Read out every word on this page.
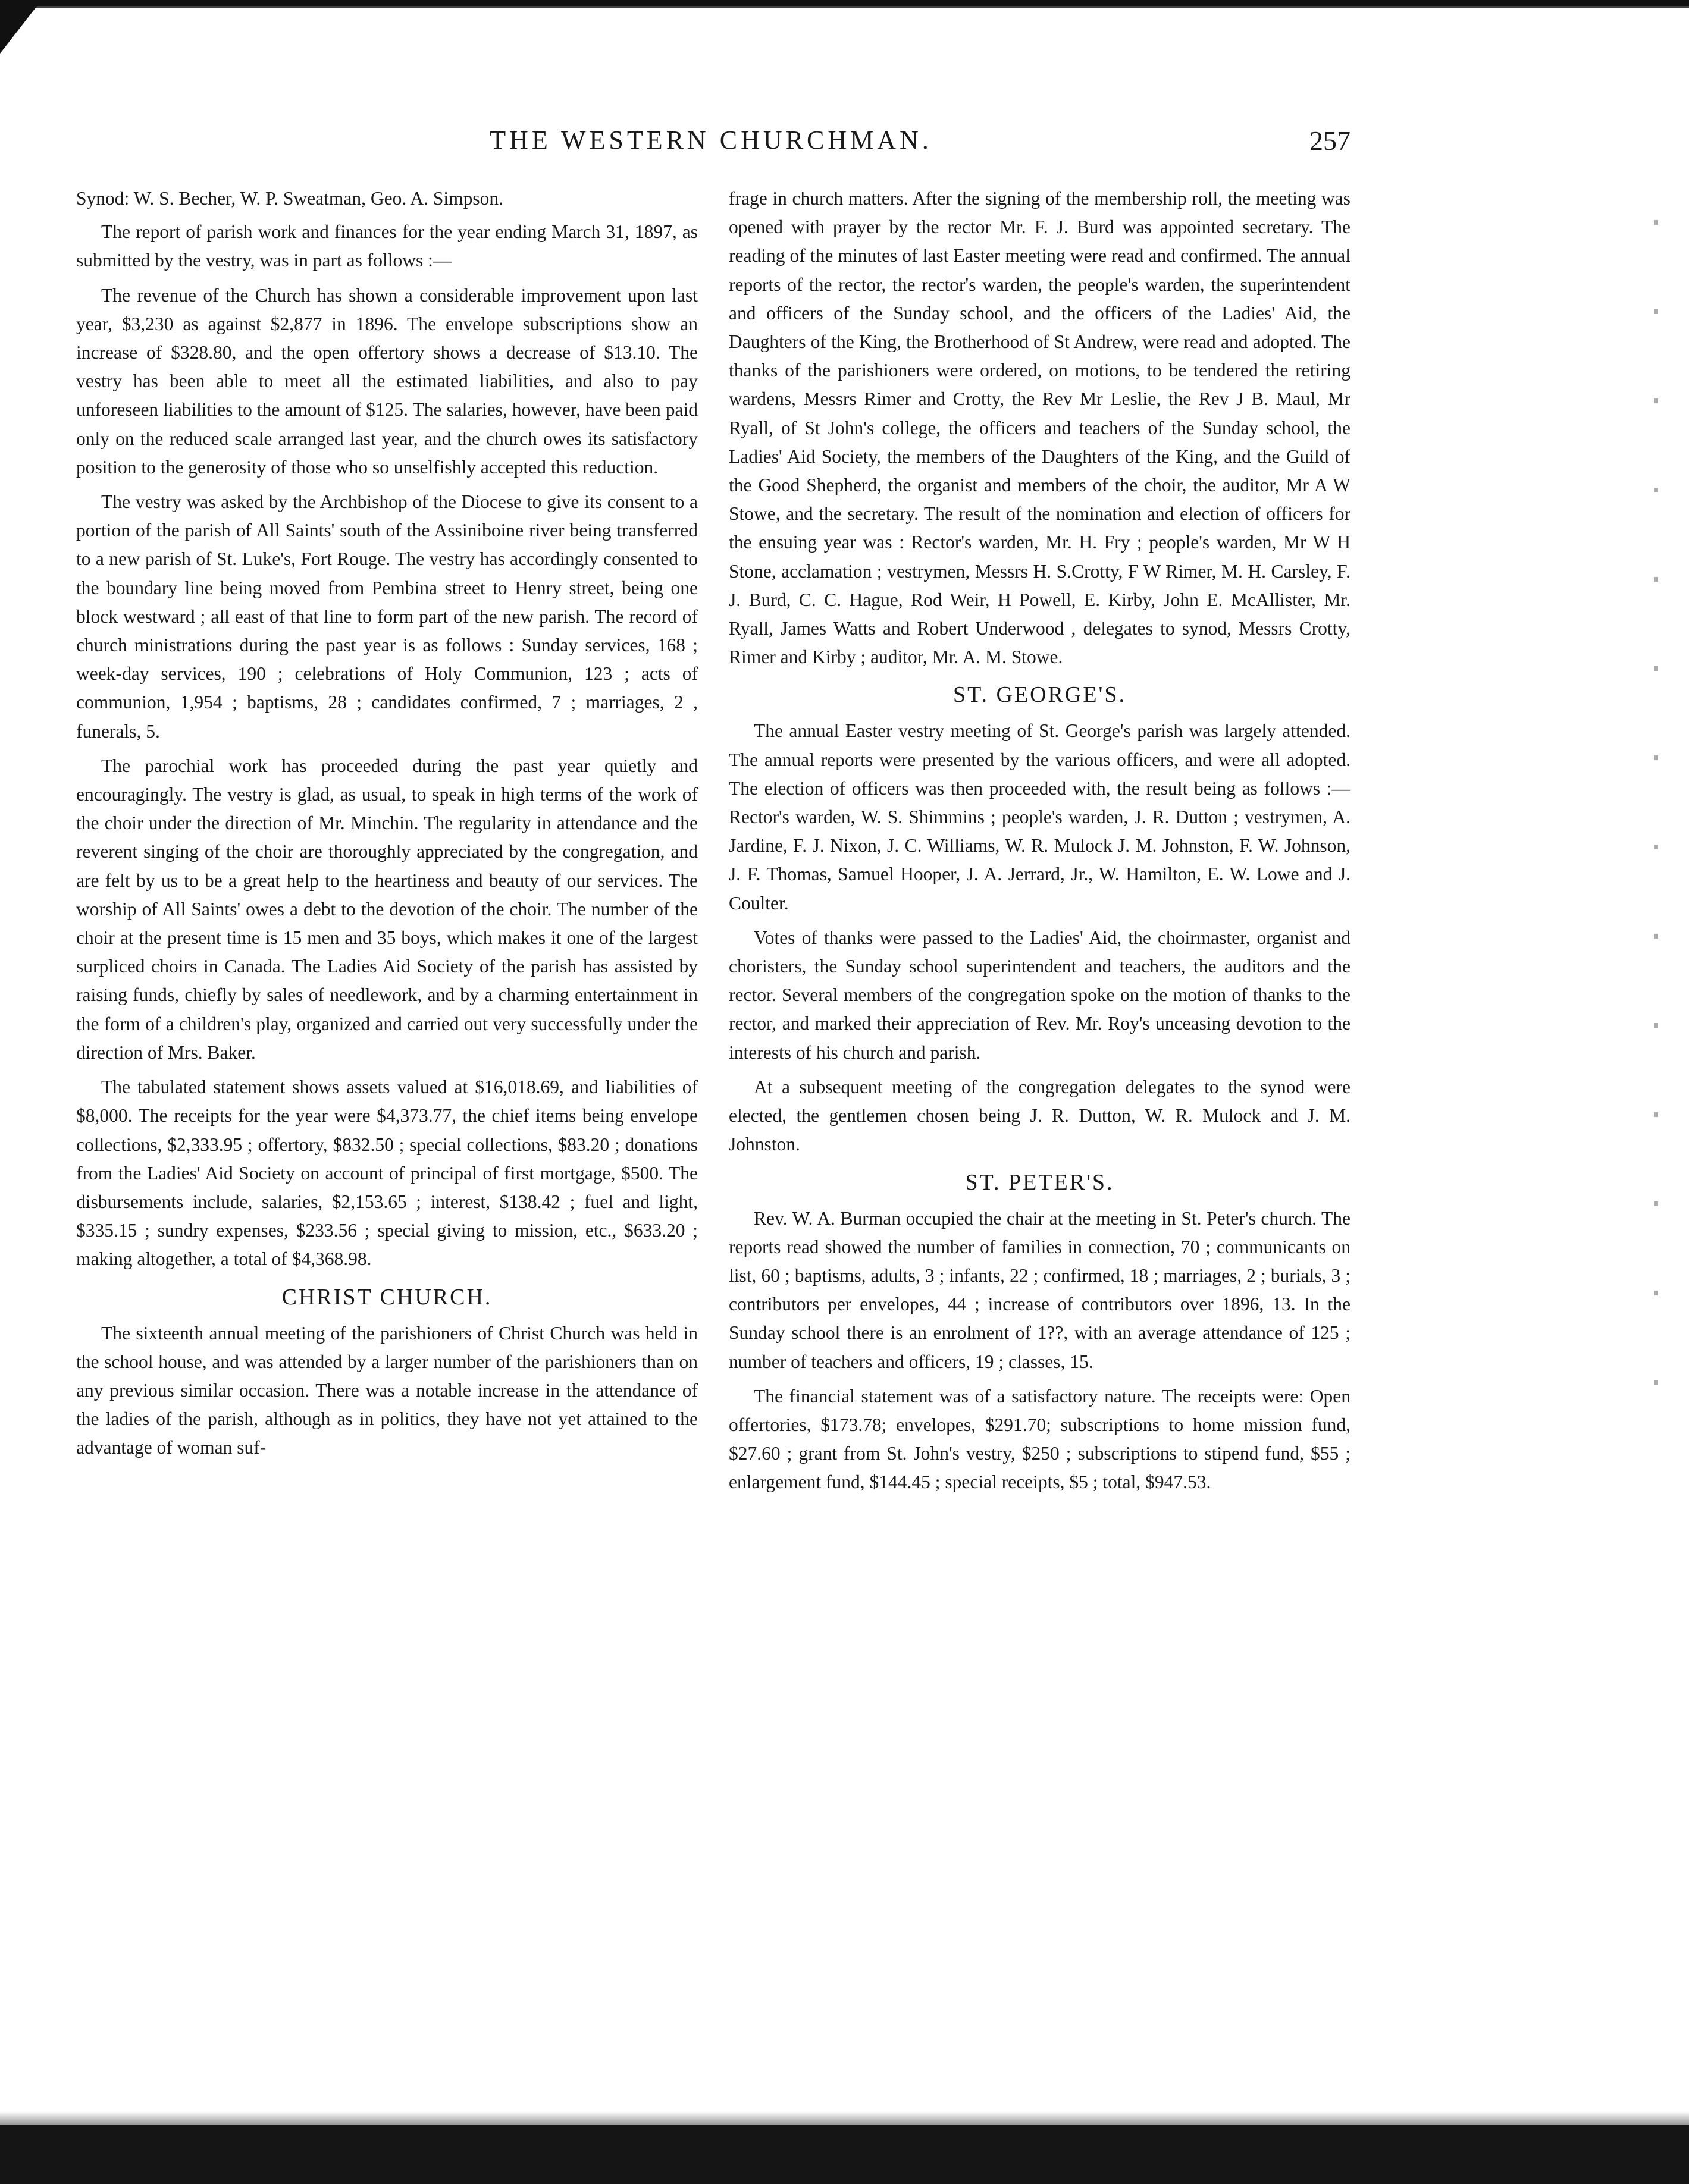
THE WESTERN CHURCHMAN.	257

Synod: W. S. Becher, W. P. Sweatman, Geo. A. Simpson.

The report of parish work and finances for the year ending March 31, 1897, as submitted by the vestry, was in part as follows :—

The revenue of the Church has shown a considerable improvement upon last year, $3,230 as against $2,877 in 1896. The envelope subscriptions show an increase of $328.80, and the open offertory shows a decrease of $13.10. The vestry has been able to meet all the estimated liabilities, and also to pay unforeseen liabilities to the amount of $125. The salaries, however, have been paid only on the reduced scale arranged last year, and the church owes its satisfactory position to the generosity of those who so unselfishly accepted this reduction.

The vestry was asked by the Archbishop of the Diocese to give its consent to a portion of the parish of All Saints' south of the Assiniboine river being transferred to a new parish of St. Luke's, Fort Rouge. The vestry has accordingly consented to the boundary line being moved from Pembina street to Henry street, being one block westward ; all east of that line to form part of the new parish. The record of church ministrations during the past year is as follows : Sunday services, 168 ; week-day services, 190 ; celebrations of Holy Communion, 123 ; acts of communion, 1,954 ; baptisms, 28 ; candidates confirmed, 7 ; marriages, 2 , funerals, 5.

The parochial work has proceeded during the past year quietly and encouragingly. The vestry is glad, as usual, to speak in high terms of the work of the choir under the direction of Mr. Minchin. The regularity in attendance and the reverent singing of the choir are thoroughly appreciated by the congregation, and are felt by us to be a great help to the heartiness and beauty of our services. The worship of All Saints' owes a debt to the devotion of the choir. The number of the choir at the present time is 15 men and 35 boys, which makes it one of the largest surpliced choirs in Canada. The Ladies Aid Society of the parish has assisted by raising funds, chiefly by sales of needlework, and by a charming entertainment in the form of a children's play, organized and carried out very successfully under the direction of Mrs. Baker.

The tabulated statement shows assets valued at $16,018.69, and liabilities of $8,000. The receipts for the year were $4,373.77, the chief items being envelope collections, $2,333.95 ; offertory, $832.50 ; special collections, $83.20 ; donations from the Ladies' Aid Society on account of principal of first mortgage, $500. The disbursements include, salaries, $2,153.65 ; interest, $138.42 ; fuel and light, $335.15 ; sundry expenses, $233.56 ; special giving to mission, etc., $633.20 ; making altogether, a total of $4,368.98.

CHRIST CHURCH.

The sixteenth annual meeting of the parishioners of Christ Church was held in the school house, and was attended by a larger number of the parishioners than on any previous similar occasion. There was a notable increase in the attendance of the ladies of the parish, although as in politics, they have not yet attained to the advantage of woman suf-

frage in church matters. After the signing of the membership roll, the meeting was opened with prayer by the rector Mr. F. J. Burd was appointed secretary. The reading of the minutes of last Easter meeting were read and confirmed. The annual reports of the rector, the rector's warden, the people's warden, the superintendent and officers of the Sunday school, and the officers of the Ladies' Aid, the Daughters of the King, the Brotherhood of St Andrew, were read and adopted. The thanks of the parishioners were ordered, on motions, to be tendered the retiring wardens, Messrs Rimer and Crotty, the Rev Mr Leslie, the Rev J B. Maul, Mr Ryall, of St John's college, the officers and teachers of the Sunday school, the Ladies' Aid Society, the members of the Daughters of the King, and the Guild of the Good Shepherd, the organist and members of the choir, the auditor, Mr A W Stowe, and the secretary. The result of the nomination and election of officers for the ensuing year was : Rector's warden, Mr. H. Fry ; people's warden, Mr W H Stone, acclamation ; vestrymen, Messrs H. S.Crotty, F W Rimer, M. H. Carsley, F. J. Burd, C. C. Hague, Rod Weir, H Powell, E. Kirby, John E. McAllister, Mr. Ryall, James Watts and Robert Underwood , delegates to synod, Messrs Crotty, Rimer and Kirby ; auditor, Mr. A. M. Stowe.

ST. GEORGE'S.

The annual Easter vestry meeting of St. George's parish was largely attended. The annual reports were presented by the various officers, and were all adopted. The election of officers was then proceeded with, the result being as follows :—Rector's warden, W. S. Shimmins ; people's warden, J. R. Dutton ; vestrymen, A. Jardine, F. J. Nixon, J. C. Williams, W. R. Mulock J. M. Johnston, F. W. Johnson, J. F. Thomas, Samuel Hooper, J. A. Jerrard, Jr., W. Hamilton, E. W. Lowe and J. Coulter.

Votes of thanks were passed to the Ladies' Aid, the choirmaster, organist and choristers, the Sunday school superintendent and teachers, the auditors and the rector. Several members of the congregation spoke on the motion of thanks to the rector, and marked their appreciation of Rev. Mr. Roy's unceasing devotion to the interests of his church and parish.

At a subsequent meeting of the congregation delegates to the synod were elected, the gentlemen chosen being J. R. Dutton, W. R. Mulock and J. M. Johnston.

ST. PETER'S.

Rev. W. A. Burman occupied the chair at the meeting in St. Peter's church. The reports read showed the number of families in connection, 70 ; communicants on list, 60 ; baptisms, adults, 3 ; infants, 22 ; confirmed, 18 ; marriages, 2 ; burials, 3 ; contributors per envelopes, 44 ; increase of contributors over 1896, 13. In the Sunday school there is an enrolment of 1??, with an average attendance of 125 ; number of teachers and officers, 19 ; classes, 15.

The financial statement was of a satisfactory nature. The receipts were: Open offertories, $173.78; envelopes, $291.70; subscriptions to home mission fund, $27.60 ; grant from St. John's vestry, $250 ; subscriptions to stipend fund, $55 ; enlargement fund, $144.45 ; special receipts, $5 ; total, $947.53.
